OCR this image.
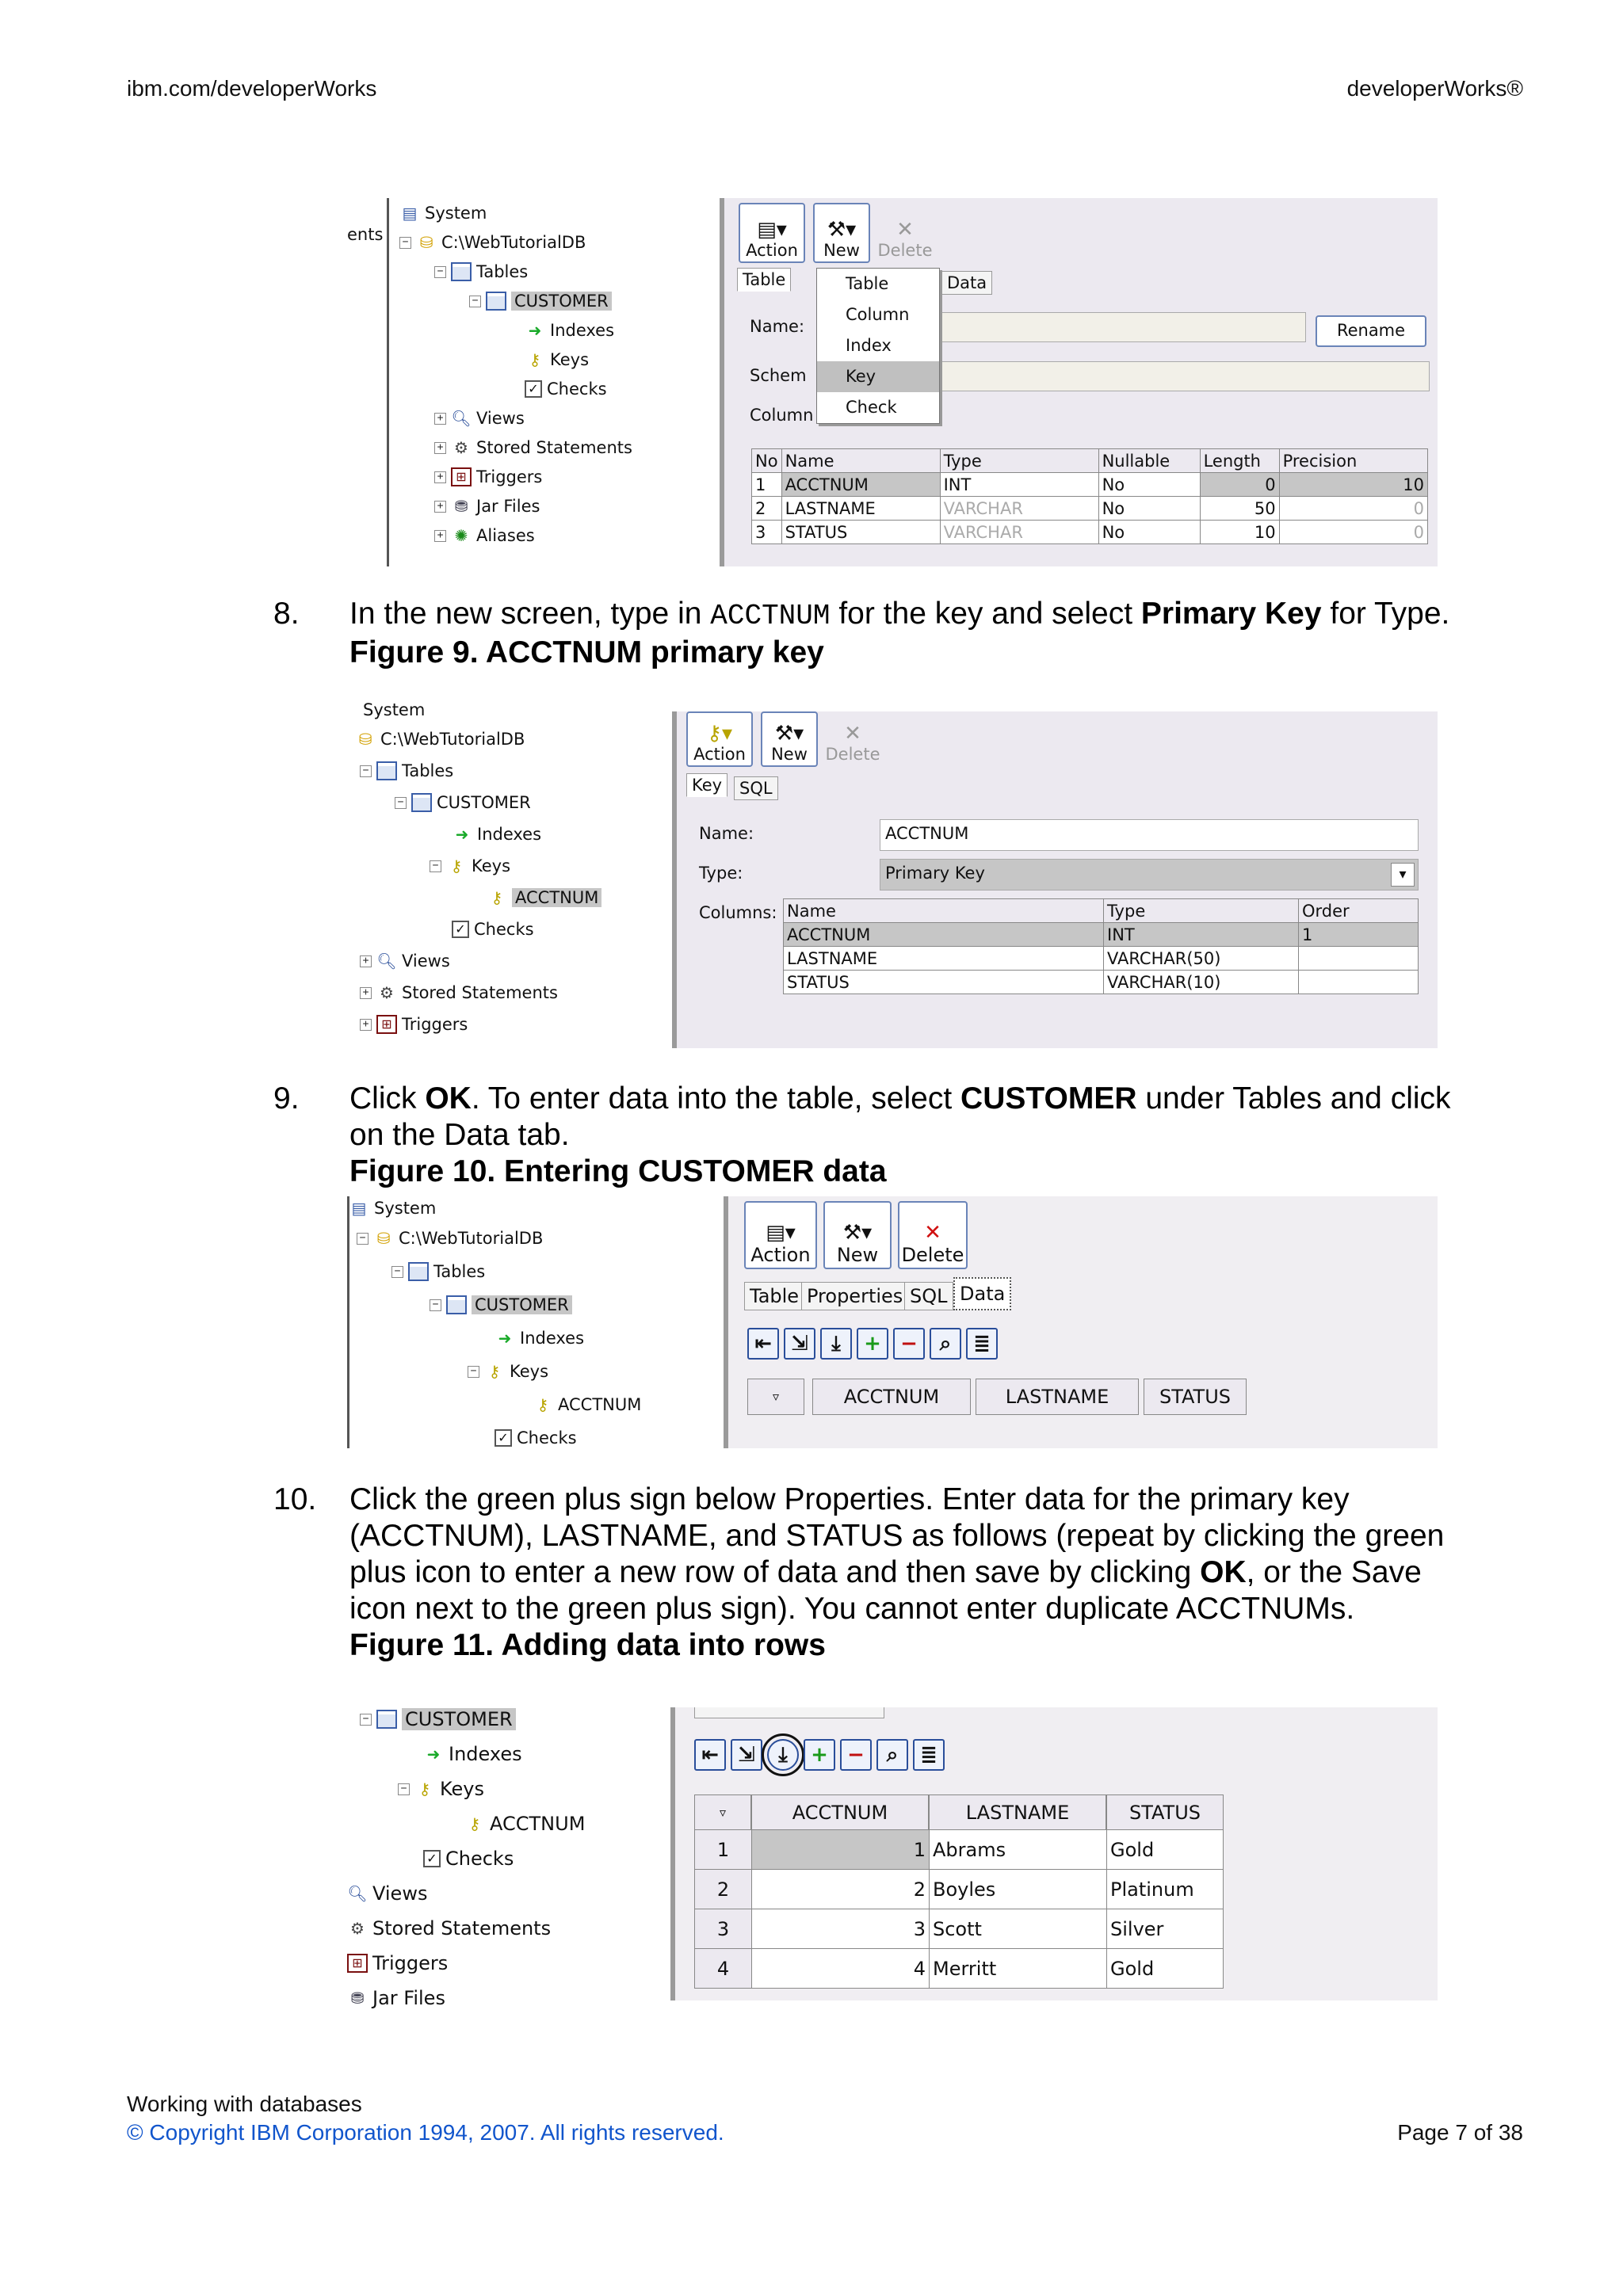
ibm.com/developerWorks	developerWorks®
ents
▤ System
− ⛁ C:\WebTutorialDB
− Tables
− CUSTOMER
➜ Indexes
⚷ Keys
✓ Checks
+ 🔍︎ Views
+ ⚙ Stored Statements
+ ⊞ Triggers
+ ⛃ Jar Files
+ ✺ Aliases
▤▾
Action
⚒▾
New
✕
Delete
Table	Data
Name:	Rename
Schem
Column
Table
Column
Index
Key
Check
No	Name	Type	Nullable	Length	Precision
1	ACCTNUM	INT	No	0	10
2	LASTNAME	VARCHAR	No	50	0
3	STATUS	VARCHAR	No	10	0
8. In the new screen, type in ACCTNUM for the key and select Primary Key for Type.
Figure 9. ACCTNUM primary key
System
⛁ C:\WebTutorialDB
− Tables
− CUSTOMER
➜ Indexes
− ⚷ Keys
⚷ ACCTNUM
✓ Checks
+ 🔍︎ Views
+ ⚙ Stored Statements
+ ⊞ Triggers
⚷▾
Action
⚒▾
New
✕
Delete
Key	SQL
Name:	ACCTNUM
Type:	Primary Key	▾
Columns: Name	Type	Order
ACCTNUM	INT	1
LASTNAME	VARCHAR(50)	
STATUS	VARCHAR(10)	
9. Click OK. To enter data into the table, select CUSTOMER under Tables and click on the Data tab.
Figure 10. Entering CUSTOMER data
▤ System
− ⛁ C:\WebTutorialDB
− Tables
− CUSTOMER
➜ Indexes
− ⚷ Keys
⚷ ACCTNUM
✓ Checks
▤▾
Action
⚒▾
New
✕
Delete
Table Properties SQL Data
⇤ ⇲	⤓	+ −	⌕	≣
▿	ACCTNUM	LASTNAME	STATUS
10. Click the green plus sign below Properties. Enter data for the primary key (ACCTNUM), LASTNAME, and STATUS as follows (repeat by clicking the green plus icon to enter a new row of data and then save by clicking OK, or the Save icon next to the green plus sign). You cannot enter duplicate ACCTNUMs.
Figure 11. Adding data into rows
− CUSTOMER
➜ Indexes
− ⚷ Keys
⚷ ACCTNUM
✓ Checks
🔍︎ Views
⚙ Stored Statements
⊞ Triggers
⛃ Jar Files
⇤ ⇲	⤓	+ −	⌕	≣
▿	ACCTNUM	LASTNAME	STATUS
1	1	Abrams	Gold
2	2	Boyles	Platinum
3	3	Scott	Silver
4	4	Merritt	Gold
Working with databases
© Copyright IBM Corporation 1994, 2007. All rights reserved.	Page 7 of 38
